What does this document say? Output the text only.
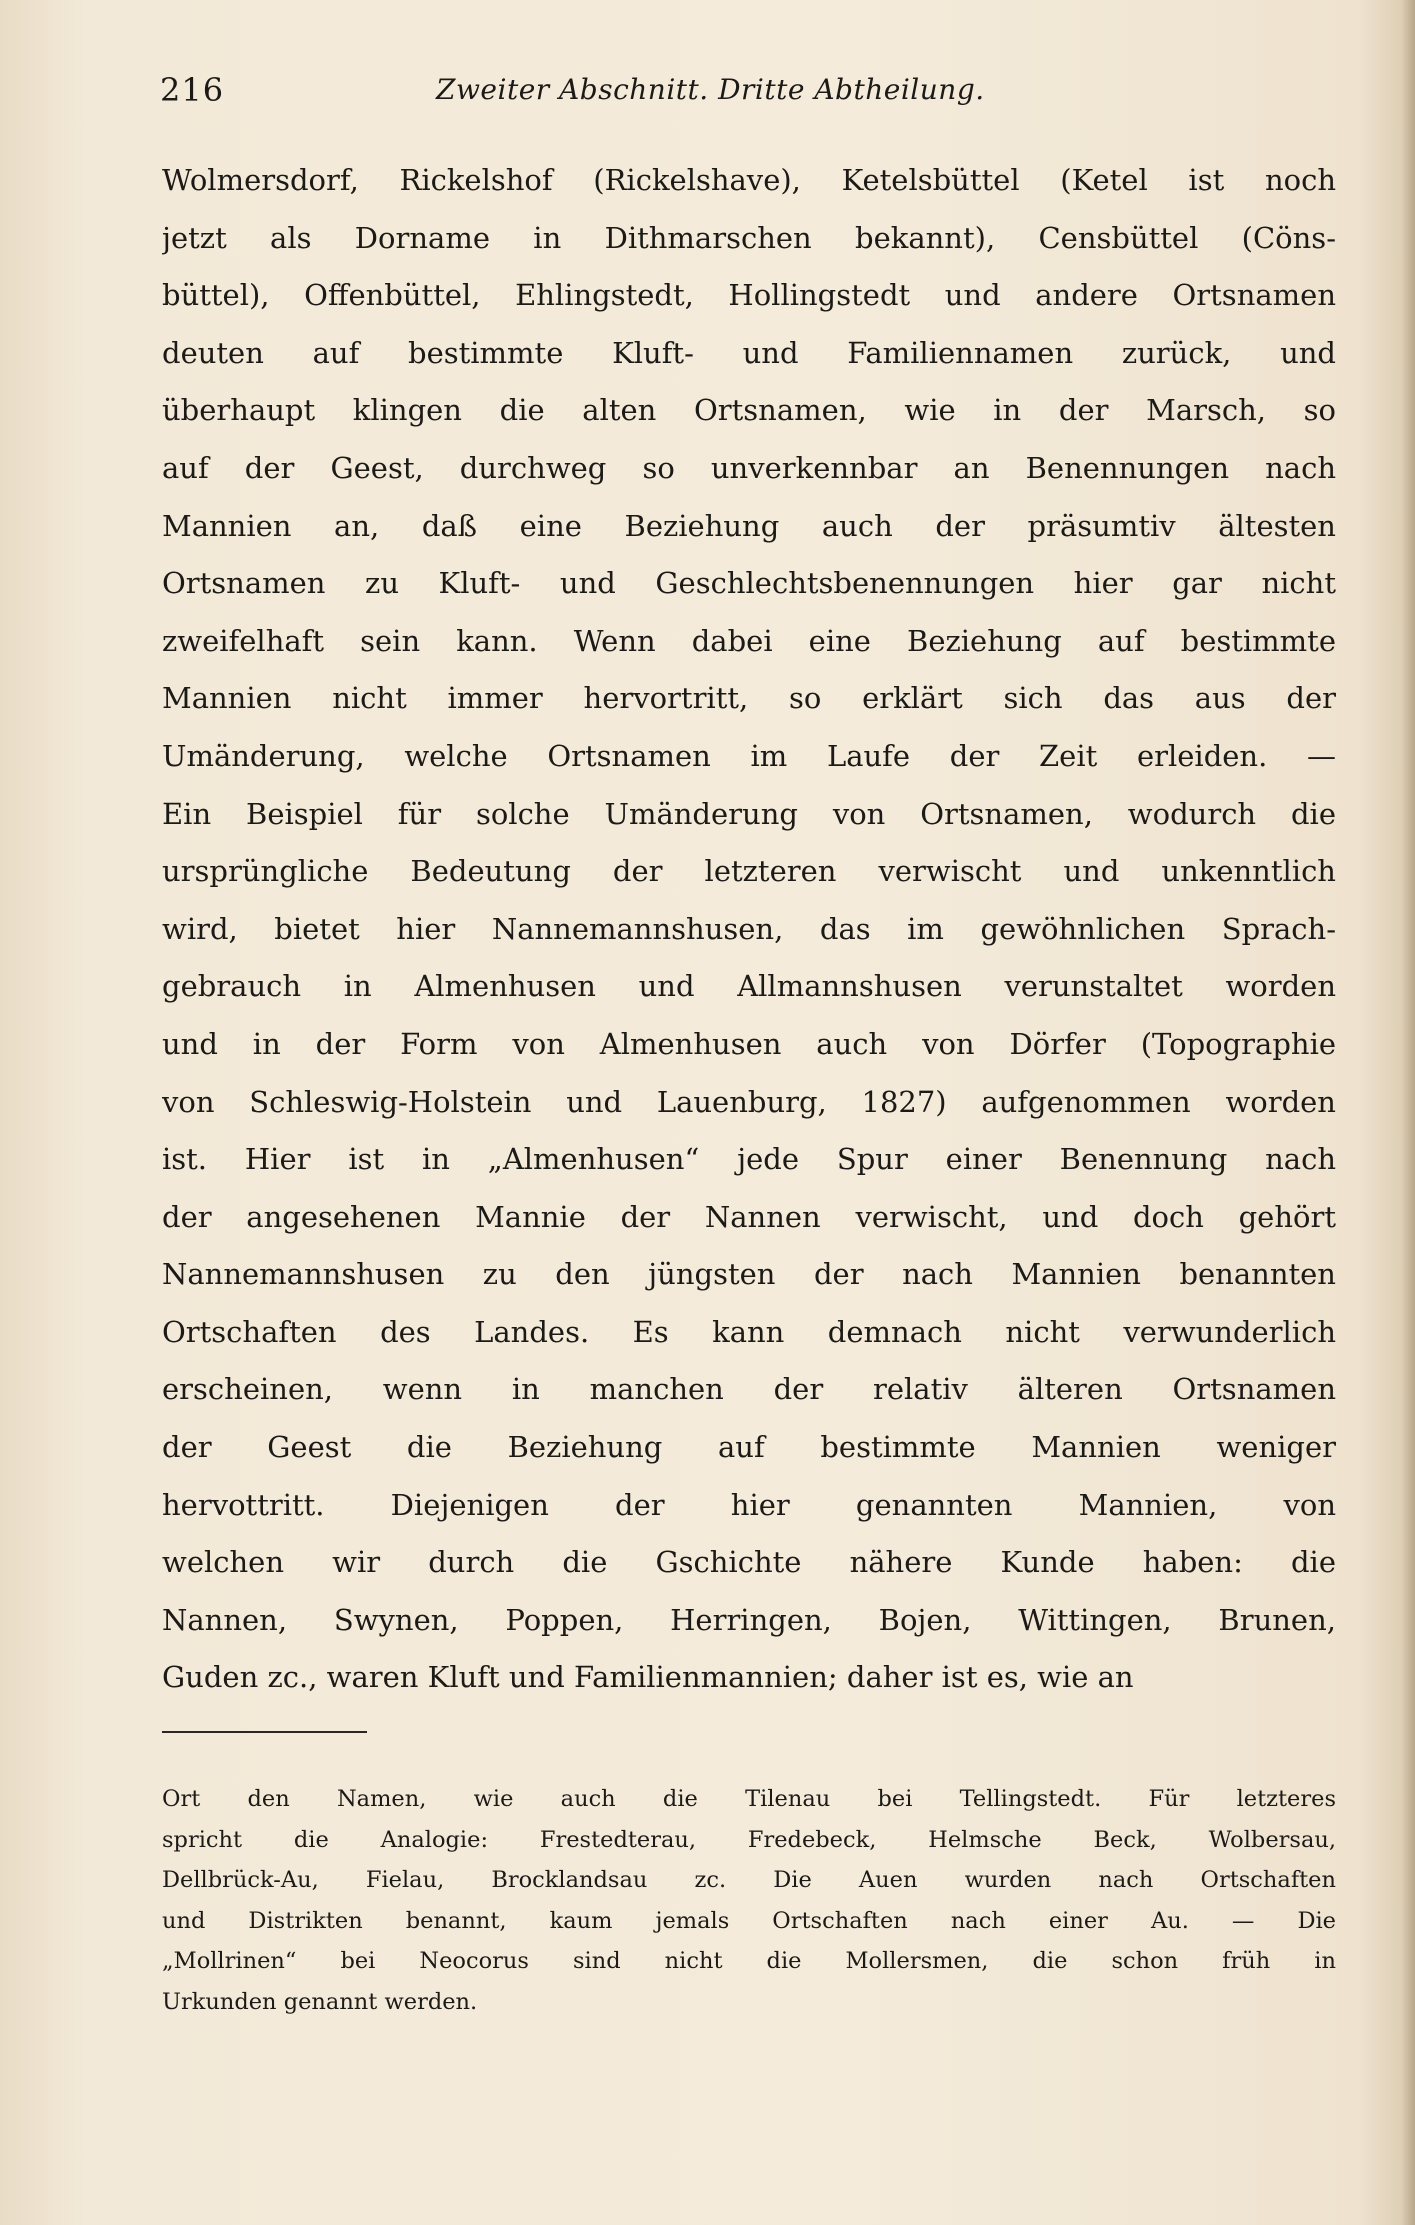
216	Zweiter Abschnitt. Dritte Abtheilung.
Wolmersdorf, Rickelshof (Rickelshave), Ketelsbüttel (Ketel ist noch
jetzt als Dorname in Dithmarschen bekannt), Censbüttel (Cöns-
büttel), Offenbüttel, Ehlingstedt, Hollingstedt und andere Ortsnamen
deuten auf bestimmte Kluft- und Familiennamen zurück, und
überhaupt klingen die alten Ortsnamen, wie in der Marsch, so
auf der Geest, durchweg so unverkennbar an Benennungen nach
Mannien an, daß eine Beziehung auch der präsumtiv ältesten
Ortsnamen zu Kluft- und Geschlechtsbenennungen hier gar nicht
zweifelhaft sein kann. Wenn dabei eine Beziehung auf bestimmte
Mannien nicht immer hervortritt, so erklärt sich das aus der
Umänderung, welche Ortsnamen im Laufe der Zeit erleiden. —
Ein Beispiel für solche Umänderung von Ortsnamen, wodurch die
ursprüngliche Bedeutung der letzteren verwischt und unkenntlich
wird, bietet hier Nannemannshusen, das im gewöhnlichen Sprach-
gebrauch in Almenhusen und Allmannshusen verunstaltet worden
und in der Form von Almenhusen auch von Dörfer (Topographie
von Schleswig-Holstein und Lauenburg, 1827) aufgenommen worden
ist. Hier ist in „Almenhusen“ jede Spur einer Benennung nach
der angesehenen Mannie der Nannen verwischt, und doch gehört
Nannemannshusen zu den jüngsten der nach Mannien benannten
Ortschaften des Landes. Es kann demnach nicht verwunderlich
erscheinen, wenn in manchen der relativ älteren Ortsnamen
der Geest die Beziehung auf bestimmte Mannien weniger
hervottritt. Diejenigen der hier genannten Mannien, von
welchen wir durch die Gschichte nähere Kunde haben: die
Nannen, Swynen, Poppen, Herringen, Bojen, Wittingen, Brunen,
Guden zc., waren Kluft und Familienmannien; daher ist es, wie an
Ort den Namen, wie auch die Tilenau bei Tellingstedt. Für letzteres
spricht die Analogie: Frestedterau, Fredebeck, Helmsche Beck, Wolbersau,
Dellbrück-Au, Fielau, Brocklandsau zc. Die Auen wurden nach Ortschaften
und Distrikten benannt, kaum jemals Ortschaften nach einer Au. — Die
„Mollrinen“ bei Neocorus sind nicht die Mollersmen, die schon früh in
Urkunden genannt werden.
